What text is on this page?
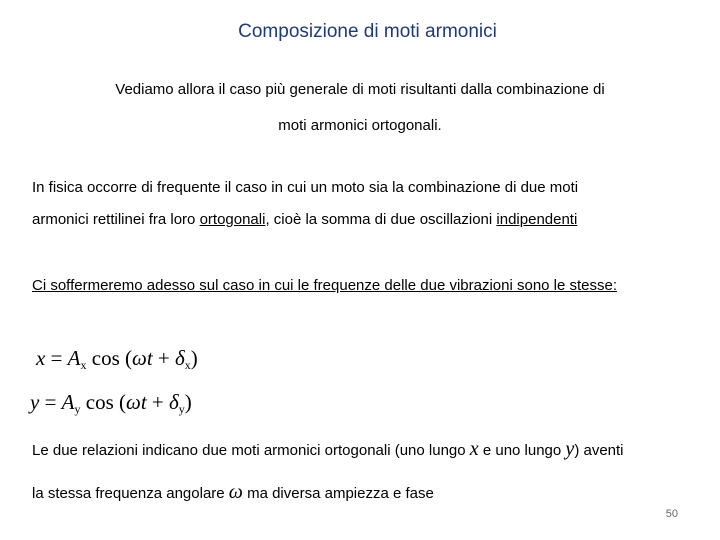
Composizione di moti armonici
Vediamo allora il caso più generale di moti risultanti dalla combinazione di
moti armonici ortogonali.
In fisica occorre di frequente il caso in cui un moto sia la combinazione di due moti
armonici rettilinei fra loro ortogonali, cioè la somma di due oscillazioni indipendenti
Ci soffermeremo adesso sul caso in cui le frequenze delle due vibrazioni sono le stesse:
$x = A_x$ $\cos (\omega t + \delta_x)$
$y = A_y$ $\cos (\omega t + \delta_y)$
Le due relazioni indicano due moti armonici ortogonali (uno lungo x e uno lungo y) aventi
la stessa frequenza angolare ω ma diversa ampiezza e fase
50
